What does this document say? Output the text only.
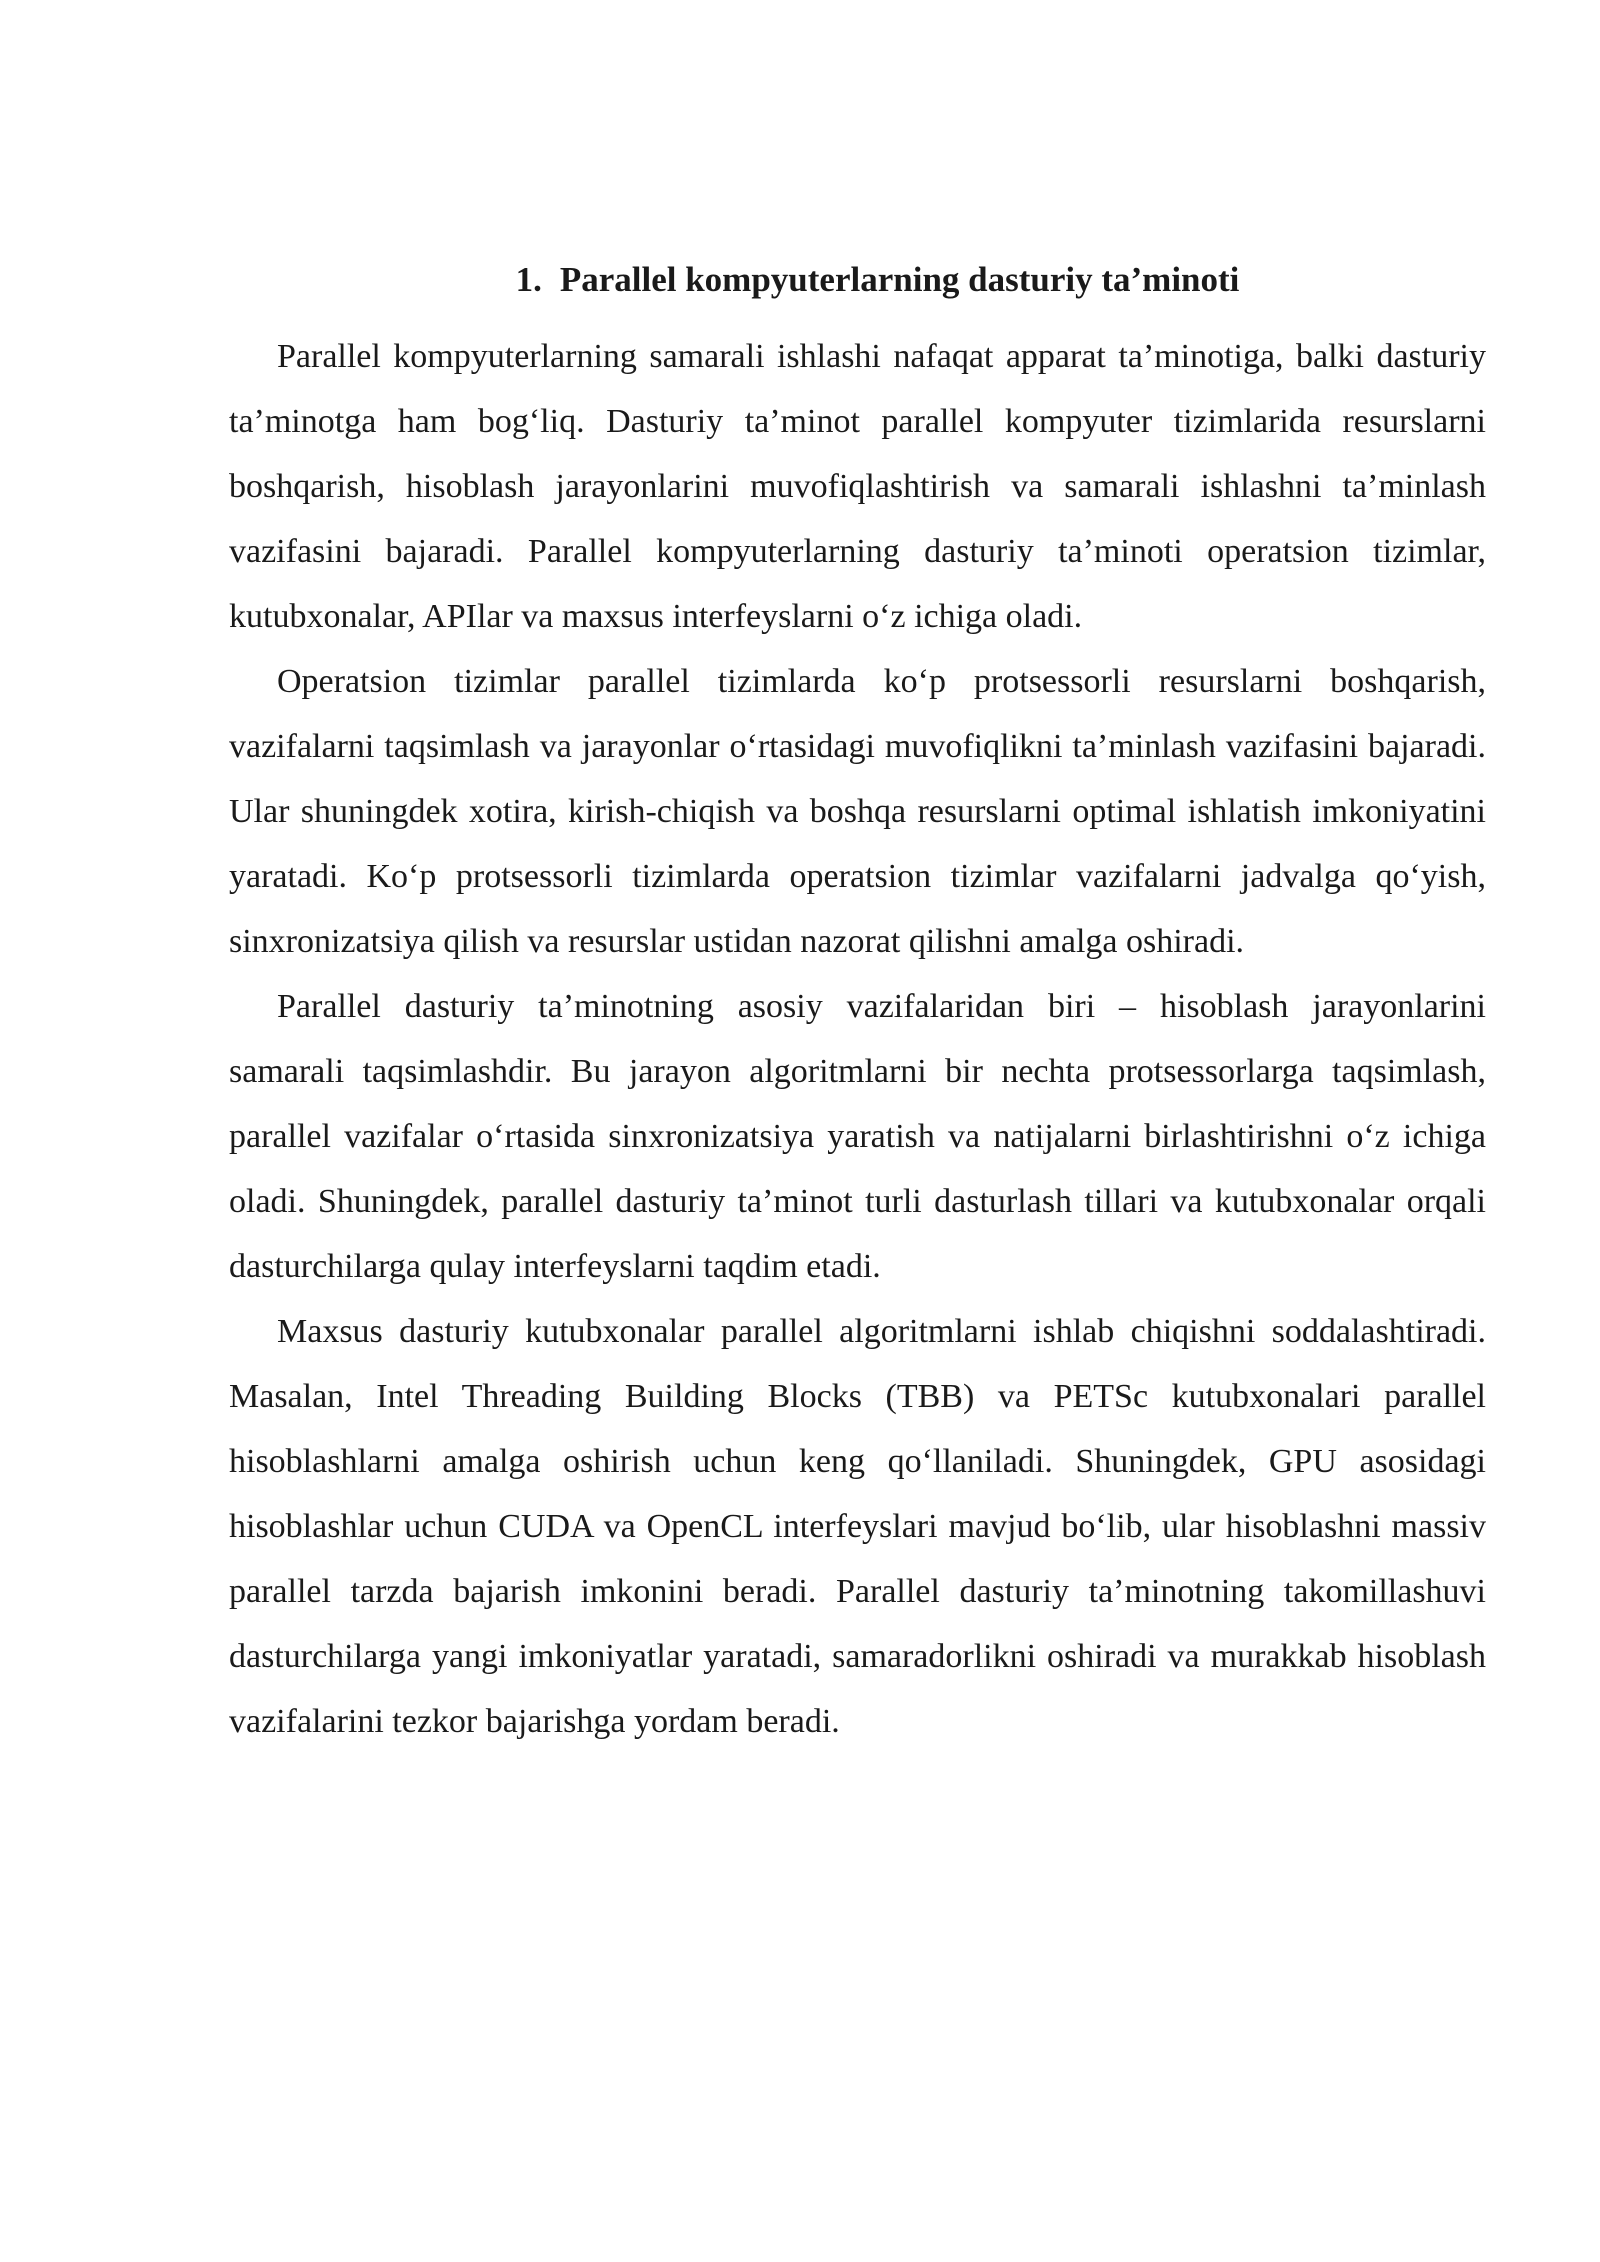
1. Parallel kompyuterlarning dasturiy ta’minoti

Parallel kompyuterlarning samarali ishlashi nafaqat apparat ta’minotiga, balki dasturiy ta’minotga ham bog‘liq. Dasturiy ta’minot parallel kompyuter tizimlarida resurslarni boshqarish, hisoblash jarayonlarini muvofiqlashtirish va samarali ishlashni ta’minlash vazifasini bajaradi. Parallel kompyuterlarning dasturiy ta’minoti operatsion tizimlar, kutubxonalar, APIlar va maxsus interfeyslarni o‘z ichiga oladi.

Operatsion tizimlar parallel tizimlarda ko‘p protsessorli resurslarni boshqarish, vazifalarni taqsimlash va jarayonlar o‘rtasidagi muvofiqlikni ta’minlash vazifasini bajaradi. Ular shuningdek xotira, kirish-chiqish va boshqa resurslarni optimal ishlatish imkoniyatini yaratadi. Ko‘p protsessorli tizimlarda operatsion tizimlar vazifalarni jadvalga qo‘yish, sinxronizatsiya qilish va resurslar ustidan nazorat qilishni amalga oshiradi.

Parallel dasturiy ta’minotning asosiy vazifalaridan biri – hisoblash jarayonlarini samarali taqsimlashdir. Bu jarayon algoritmlarni bir nechta protsessorlarga taqsimlash, parallel vazifalar o‘rtasida sinxronizatsiya yaratish va natijalarni birlashtirishni o‘z ichiga oladi. Shuningdek, parallel dasturiy ta’minot turli dasturlash tillari va kutubxonalar orqali dasturchilarga qulay interfeyslarni taqdim etadi.

Maxsus dasturiy kutubxonalar parallel algoritmlarni ishlab chiqishni soddalashtiradi. Masalan, Intel Threading Building Blocks (TBB) va PETSc kutubxonalari parallel hisoblashlarni amalga oshirish uchun keng qo‘llaniladi. Shuningdek, GPU asosidagi hisoblashlar uchun CUDA va OpenCL interfeyslari mavjud bo‘lib, ular hisoblashni massiv parallel tarzda bajarish imkonini beradi. Parallel dasturiy ta’minotning takomillashuvi dasturchilarga yangi imkoniyatlar yaratadi, samaradorlikni oshiradi va murakkab hisoblash vazifalarini tezkor bajarishga yordam beradi.
